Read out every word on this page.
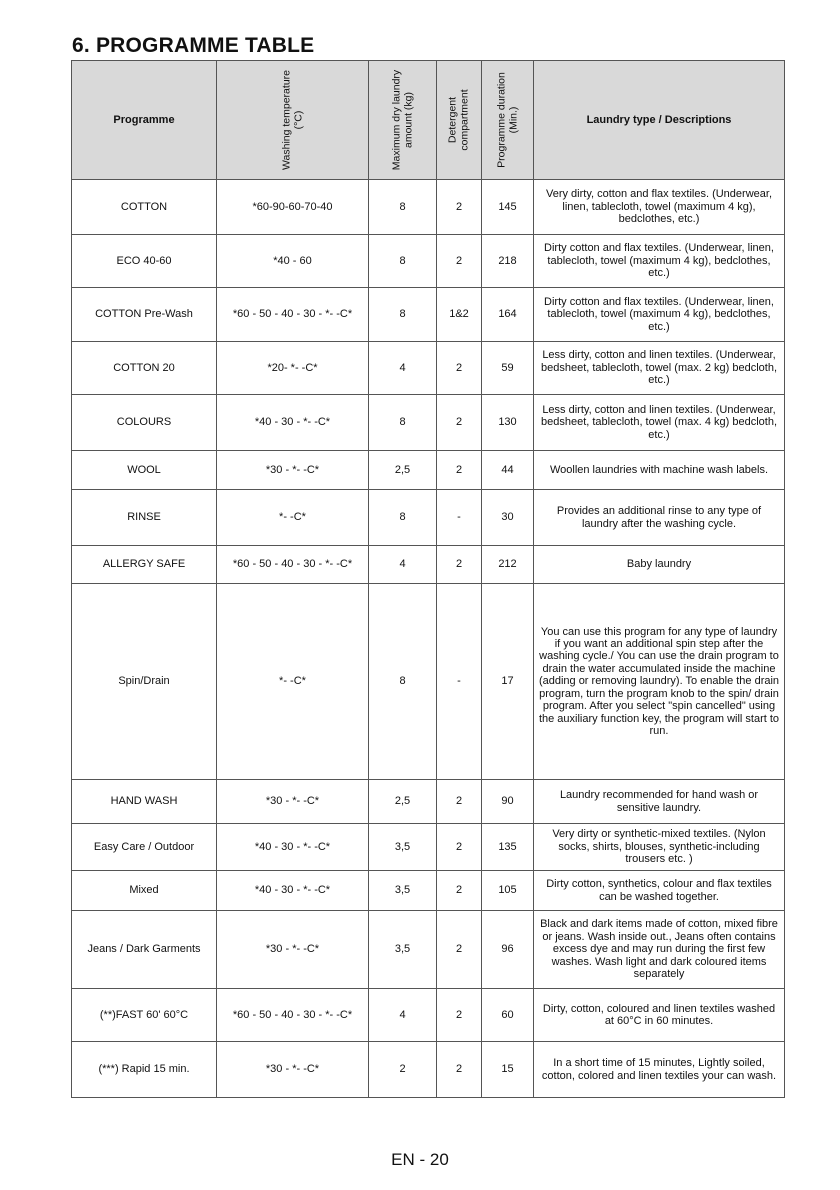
6. PROGRAMME TABLE
Programme	Washing temperature (°C)	Maximum dry laundry amount (kg)	Detergent compartment	Programme duration (Min.)	Laundry type / Descriptions
COTTON	*60-90-60-70-40	8	2	145	Very dirty, cotton and flax textiles. (Underwear, linen, tablecloth, towel (maximum 4 kg), bedclothes, etc.)
ECO 40-60	*40 - 60	8	2	218	Dirty cotton and flax textiles. (Underwear, linen, tablecloth, towel (maximum 4 kg), bedclothes, etc.)
COTTON Pre-Wash	*60 - 50 - 40 - 30 - *- -C*	8	1&2	164	Dirty cotton and flax textiles. (Underwear, linen, tablecloth, towel (maximum 4 kg), bedclothes, etc.)
COTTON 20	*20- *- -C*	4	2	59	Less dirty, cotton and linen textiles. (Underwear, bedsheet, tablecloth, towel (max. 2 kg) bedcloth, etc.)
COLOURS	*40 - 30 - *- -C*	8	2	130	Less dirty, cotton and linen textiles. (Underwear, bedsheet, tablecloth, towel (max. 4 kg) bedcloth, etc.)
WOOL	*30 - *- -C*	2,5	2	44	Woollen laundries with machine wash labels.
RINSE	*- -C*	8	-	30	Provides an additional rinse to any type of laundry after the washing cycle.
ALLERGY SAFE	*60 - 50 - 40 - 30 - *- -C*	4	2	212	Baby laundry
Spin/Drain	*- -C*	8	-	17	You can use this program for any type of laundry if you want an additional spin step after the washing cycle./ You can use the drain program to drain the water accumulated inside the machine (adding or removing laundry). To enable the drain program, turn the program knob to the spin/ drain program. After you select "spin cancelled" using the auxiliary function key, the program will start to run.
HAND WASH	*30 - *- -C*	2,5	2	90	Laundry recommended for hand wash or sensitive laundry.
Easy Care / Outdoor	*40 - 30 - *- -C*	3,5	2	135	Very dirty or synthetic-mixed textiles. (Nylon socks, shirts, blouses, synthetic-including trousers etc. )
Mixed	*40 - 30 - *- -C*	3,5	2	105	Dirty cotton, synthetics, colour and flax textiles can be washed together.
Jeans / Dark Garments	*30 - *- -C*	3,5	2	96	Black and dark items made of cotton, mixed fibre or jeans. Wash inside out., Jeans often contains excess dye and may run during the first few washes. Wash light and dark coloured items separately
(**)FAST 60' 60°C	*60 - 50 - 40 - 30 - *- -C*	4	2	60	Dirty, cotton, coloured and linen textiles washed at 60°C in 60 minutes.
(***) Rapid 15 min.	*30 - *- -C*	2	2	15	In a short time of 15 minutes, Lightly soiled, cotton, colored and linen textiles your can wash.
EN - 20
